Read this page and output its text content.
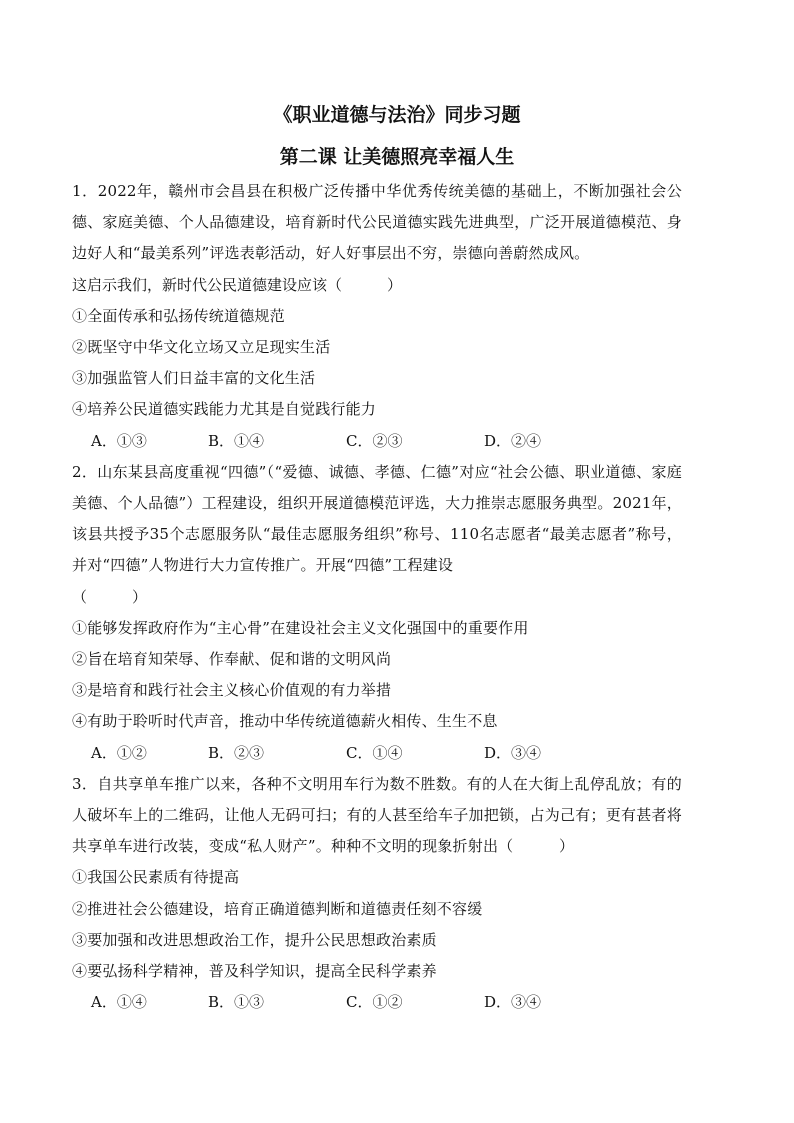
《职业道德与法治》同步习题
第二课 让美德照亮幸福人生

1．2022年，赣州市会昌县在积极广泛传播中华优秀传统美德的基础上，不断加强社会公德、家庭美德、个人品德建设，培育新时代公民道德实践先进典型，广泛开展道德模范、身边好人和“最美系列”评选表彰活动，好人好事层出不穷，崇德向善蔚然成风。

这启示我们，新时代公民道德建设应该（　　　）

①全面传承和弘扬传统道德规范

②既坚守中华文化立场又立足现实生活

③加强监管人们日益丰富的文化生活

④培养公民道德实践能力尤其是自觉践行能力

A．①③	B．①④	C．②③	D．②④

2．山东某县高度重视“四德”（“爱德、诚德、孝德、仁德”对应“社会公德、职业道德、家庭美德、个人品德”）工程建设，组织开展道德模范评选，大力推崇志愿服务典型。2021年，该县共授予35个志愿服务队“最佳志愿服务组织”称号、110名志愿者“最美志愿者”称号，并对“四德”人物进行大力宣传推广。开展“四德”工程建设

（　　　）

①能够发挥政府作为“主心骨”在建设社会主义文化强国中的重要作用

②旨在培育知荣辱、作奉献、促和谐的文明风尚

③是培育和践行社会主义核心价值观的有力举措

④有助于聆听时代声音，推动中华传统道德薪火相传、生生不息

A．①②	B．②③	C．①④	D．③④

3．自共享单车推广以来，各种不文明用车行为数不胜数。有的人在大街上乱停乱放；有的人破坏车上的二维码，让他人无码可扫；有的人甚至给车子加把锁，占为己有；更有甚者将共享单车进行改装，变成“私人财产”。种种不文明的现象折射出（　　　）

①我国公民素质有待提高

②推进社会公德建设，培育正确道德判断和道德责任刻不容缓

③要加强和改进思想政治工作，提升公民思想政治素质

④要弘扬科学精神，普及科学知识，提高全民科学素养

A．①④	B．①③	C．①②	D．③④
